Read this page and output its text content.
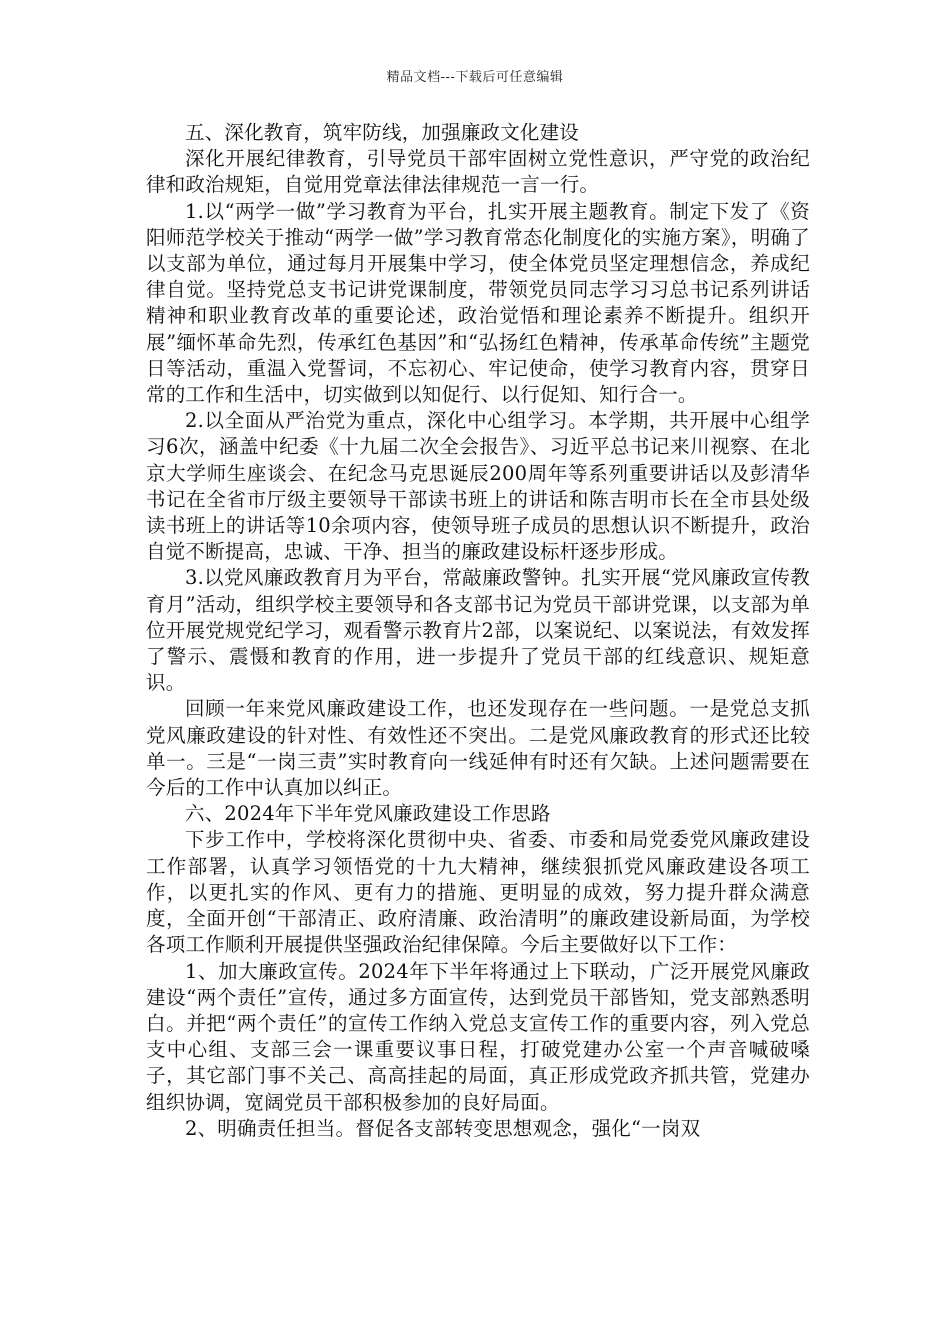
精品文档---下载后可任意编辑

五、深化教育，筑牢防线，加强廉政文化建设

深化开展纪律教育，引导党员干部牢固树立党性意识，严守党的政治纪律和政治规矩，自觉用党章法律法律规范一言一行。

1.以“两学一做”学习教育为平台，扎实开展主题教育。制定下发了《资阳师范学校关于推动“两学一做”学习教育常态化制度化的实施方案》，明确了以支部为单位，通过每月开展集中学习，使全体党员坚定理想信念，养成纪律自觉。坚持党总支书记讲党课制度，带领党员同志学习习总书记系列讲话精神和职业教育改革的重要论述，政治觉悟和理论素养不断提升。组织开展”缅怀革命先烈，传承红色基因”和“弘扬红色精神，传承革命传统”主题党日等活动，重温入党誓词，不忘初心、牢记使命，使学习教育内容，贯穿日常的工作和生活中，切实做到以知促行、以行促知、知行合一。

2.以全面从严治党为重点，深化中心组学习。本学期，共开展中心组学习6次，涵盖中纪委《十九届二次全会报告》、习近平总书记来川视察、在北京大学师生座谈会、在纪念马克思诞辰200周年等系列重要讲话以及彭清华书记在全省市厅级主要领导干部读书班上的讲话和陈吉明市长在全市县处级读书班上的讲话等10余项内容，使领导班子成员的思想认识不断提升，政治自觉不断提高，忠诚、干净、担当的廉政建设标杆逐步形成。

3.以党风廉政教育月为平台，常敲廉政警钟。扎实开展“党风廉政宣传教育月”活动，组织学校主要领导和各支部书记为党员干部讲党课，以支部为单位开展党规党纪学习，观看警示教育片2部，以案说纪、以案说法，有效发挥了警示、震慑和教育的作用，进一步提升了党员干部的红线意识、规矩意识。

回顾一年来党风廉政建设工作，也还发现存在一些问题。一是党总支抓党风廉政建设的针对性、有效性还不突出。二是党风廉政教育的形式还比较单一。三是“一岗三责”实时教育向一线延伸有时还有欠缺。上述问题需要在今后的工作中认真加以纠正。

六、2024年下半年党风廉政建设工作思路

下步工作中，学校将深化贯彻中央、省委、市委和局党委党风廉政建设工作部署，认真学习领悟党的十九大精神，继续狠抓党风廉政建设各项工作，以更扎实的作风、更有力的措施、更明显的成效，努力提升群众满意度，全面开创“干部清正、政府清廉、政治清明”的廉政建设新局面，为学校各项工作顺利开展提供坚强政治纪律保障。今后主要做好以下工作：

1、加大廉政宣传。2024年下半年将通过上下联动，广泛开展党风廉政建设“两个责任”宣传，通过多方面宣传，达到党员干部皆知，党支部熟悉明白。并把“两个责任”的宣传工作纳入党总支宣传工作的重要内容，列入党总支中心组、支部三会一课重要议事日程，打破党建办公室一个声音喊破嗓子，其它部门事不关己、高高挂起的局面，真正形成党政齐抓共管，党建办组织协调，宽阔党员干部积极参加的良好局面。

2、明确责任担当。督促各支部转变思想观念，强化“一岗双
